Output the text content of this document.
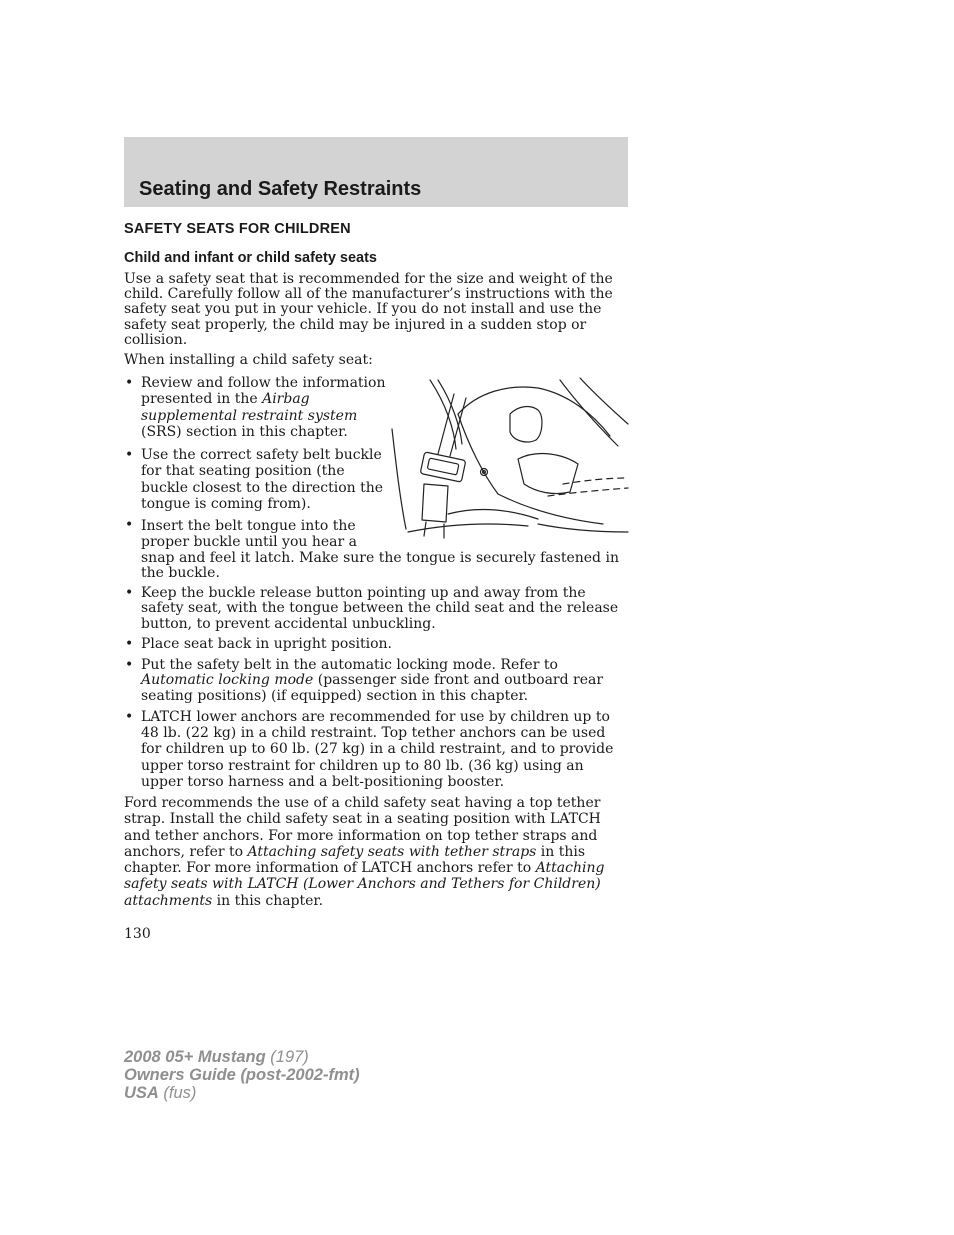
Seating and Safety Restraints
SAFETY SEATS FOR CHILDREN
Child and infant or child safety seats

Use a safety seat that is recommended for the size and weight of the child. Carefully follow all of the manufacturer’s instructions with the safety seat you put in your vehicle. If you do not install and use the safety seat properly, the child may be injured in a sudden stop or collision.

When installing a child safety seat:

• Review and follow the information presented in the Airbag supplemental restraint system (SRS) section in this chapter.
• Use the correct safety belt buckle for that seating position (the buckle closest to the direction the tongue is coming from).
• Insert the belt tongue into the
proper buckle until you hear a
snap and feel it latch. Make sure the tongue is securely fastened in the buckle.
• Keep the buckle release button pointing up and away from the safety seat, with the tongue between the child seat and the release button, to prevent accidental unbuckling.
• Place seat back in upright position.
• Put the safety belt in the automatic locking mode. Refer to Automatic locking mode (passenger side front and outboard rear seating positions) (if equipped) section in this chapter.
• LATCH lower anchors are recommended for use by children up to 48 lb. (22 kg) in a child restraint. Top tether anchors can be used for children up to 60 lb. (27 kg) in a child restraint, and to provide upper torso restraint for children up to 80 lb. (36 kg) using an upper torso harness and a belt-positioning booster.

Ford recommends the use of a child safety seat having a top tether strap. Install the child safety seat in a seating position with LATCH and tether anchors. For more information on top tether straps and anchors, refer to Attaching safety seats with tether straps in this chapter. For more information of LATCH anchors refer to Attaching safety seats with LATCH (Lower Anchors and Tethers for Children) attachments in this chapter.

130

2008 05+ Mustang (197)
Owners Guide (post-2002-fmt)
USA (fus)
